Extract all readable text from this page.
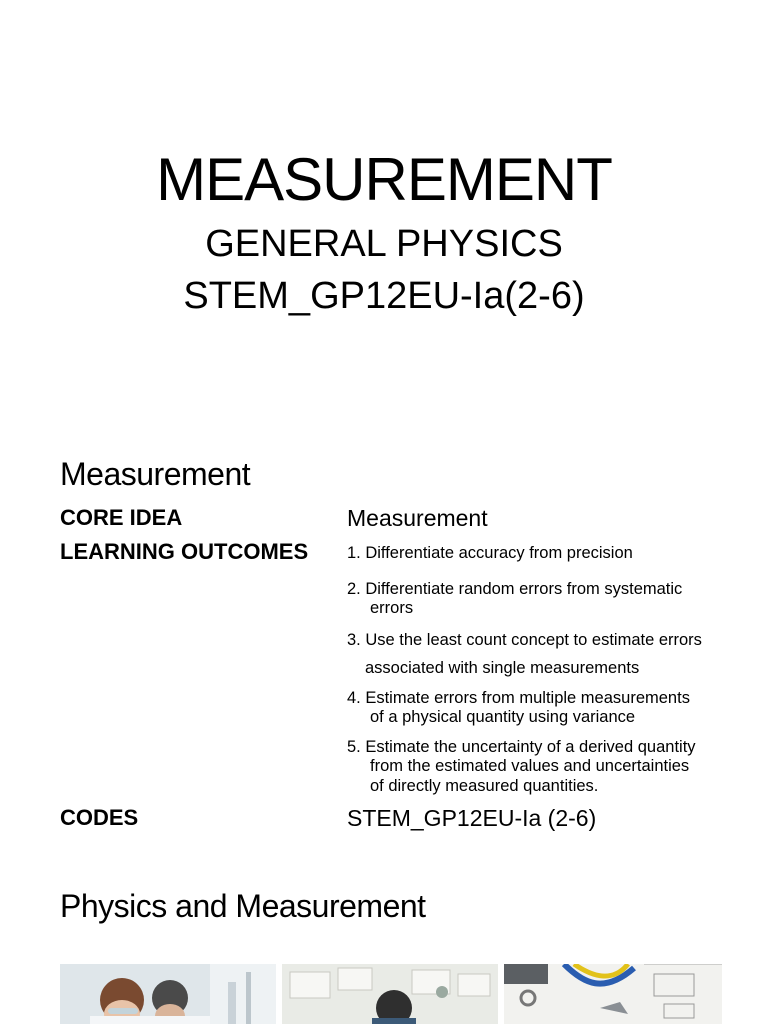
MEASUREMENT
GENERAL PHYSICS
STEM_GP12EU-Ia(2-6)
Measurement
CORE IDEA	Measurement
LEARNING OUTCOMES 1. Differentiate accuracy from precision
2. Differentiate random errors from systematic
errors
3. Use the least count concept to estimate errors
associated with single measurements
4. Estimate errors from multiple measurements
of a physical quantity using variance
5. Estimate the uncertainty of a derived quantity
from the estimated values and uncertainties
of directly measured quantities.
CODES	STEM_GP12EU-Ia (2-6)
Physics and Measurement
